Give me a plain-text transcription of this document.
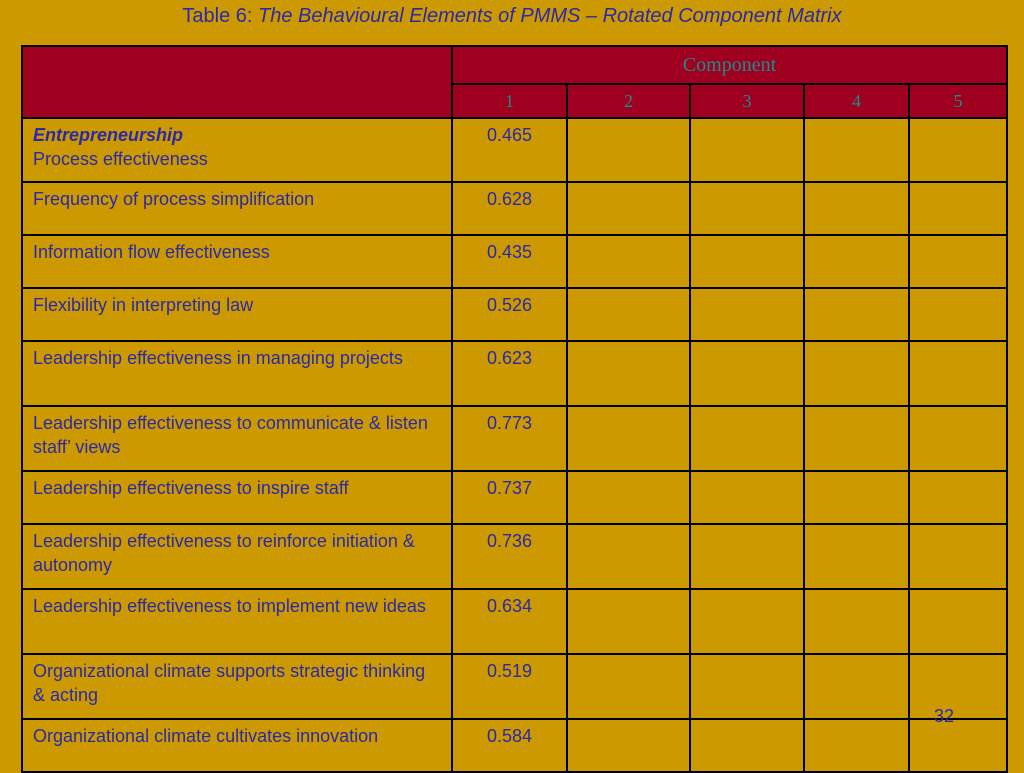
Table 6: The Behavioural Elements of PMMS – Rotated Component Matrix
	Component				
	1	2	3	4	5

Entrepreneurship
Process effectiveness	0.465				
Frequency of process simplification	0.628				
Information flow effectiveness	0.435				
Flexibility in interpreting law	0.526				
Leadership effectiveness in managing projects	0.623				
Leadership effectiveness to communicate & listen staff’ views	0.773				
Leadership effectiveness to inspire staff	0.737				
Leadership effectiveness to reinforce initiation & autonomy	0.736				
Leadership effectiveness to implement new ideas	0.634				
Organizational climate supports strategic thinking & acting	0.519				
Organizational climate cultivates innovation	0.584				
32
